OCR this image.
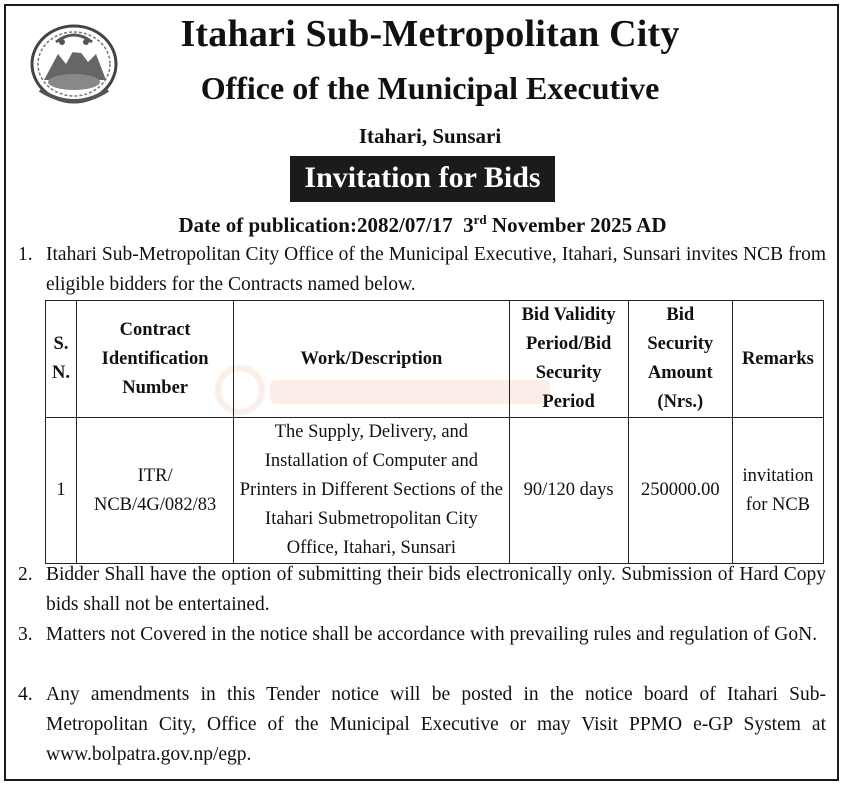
Itahari Sub-Metropolitan City
Office of the Municipal Executive
Itahari, Sunsari
Invitation for Bids
Date of publication:2082/07/17 3rd November 2025 AD
1. Itahari Sub-Metropolitan City Office of the Municipal Executive, Itahari, Sunsari invites NCB from eligible bidders for the Contracts named below.
S. N.	Contract Identification Number	Work/Description	Bid Validity Period/Bid Security Period	Bid Security Amount (Nrs.)	Remarks
1	ITR/ NCB/4G/082/83	The Supply, Delivery, and Installation of Computer and Printers in Different Sections of the Itahari Submetropolitan City Office, Itahari, Sunsari	90/120 days	250000.00	invitation for NCB
2. Bidder Shall have the option of submitting their bids electronically only. Submission of Hard Copy bids shall not be entertained.
3. Matters not Covered in the notice shall be accordance with prevailing rules and regulation of GoN.
4. Any amendments in this Tender notice will be posted in the notice board of Itahari Sub-Metropolitan City, Office of the Municipal Executive or may Visit PPMO e-GP System at www.bolpatra.gov.np/egp.
